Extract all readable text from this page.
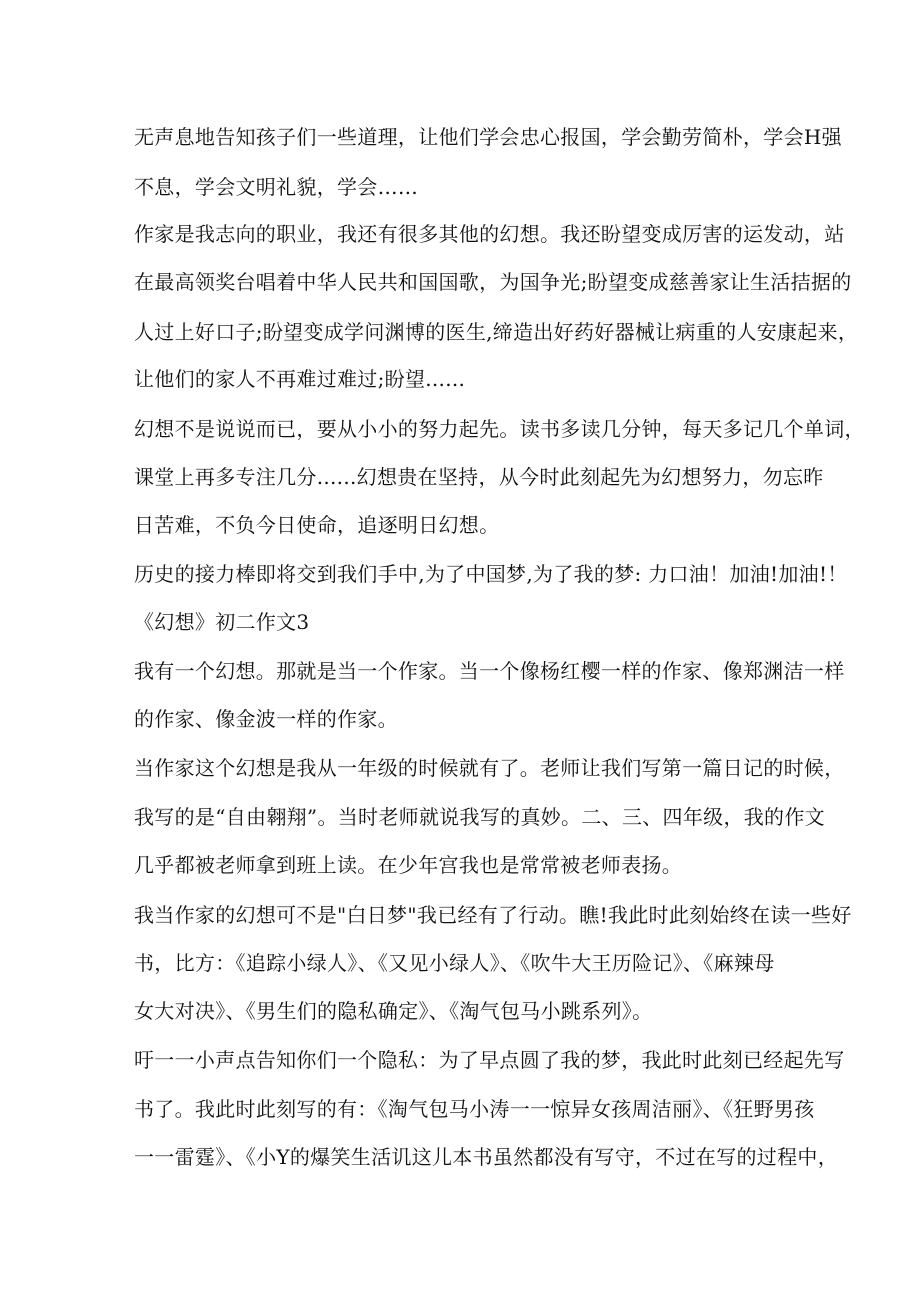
无声息地告知孩子们一些道理，让他们学会忠心报国，学会勤劳简朴，学会H强
不息，学会文明礼貌，学会……
作家是我志向的职业，我还有很多其他的幻想。我还盼望变成厉害的运发动，站
在最高领奖台唱着中华人民共和国国歌，为国争光;盼望变成慈善家让生活拮据的
人过上好口子;盼望变成学问渊博的医生,缔造出好药好器械让病重的人安康起来，
让他们的家人不再难过难过;盼望......
幻想不是说说而已，要从小小的努力起先。读书多读几分钟，每天多记几个单词，
课堂上再多专注几分......幻想贵在坚持，从今时此刻起先为幻想努力，勿忘昨
日苦难，不负今日使命，追逐明日幻想。
历史的接力棒即将交到我们手中,为了中国梦,为了我的梦: 力口油！加油!加油!！
《幻想》初二作文3
我有一个幻想。那就是当一个作家。当一个像杨红樱一样的作家、像郑渊洁一样
的作家、像金波一样的作家。
当作家这个幻想是我从一年级的时候就有了。老师让我们写第一篇日记的时候，
我写的是“自由翱翔”。当时老师就说我写的真妙。二、三、四年级，我的作文
几乎都被老师拿到班上读。在少年宫我也是常常被老师表扬。
我当作家的幻想可不是"白日梦"我已经有了行动。瞧!我此时此刻始终在读一些好
书，比方：《追踪小绿人》、《又见小绿人》、《吹牛大王历险记》、《麻辣母
女大对决》、《男生们的隐私确定》、《淘气包马小跳系列》。
吁一一小声点告知你们一个隐私：为了早点圆了我的梦，我此时此刻已经起先写
书了。我此时此刻写的有：《淘气包马小涛一一惊异女孩周洁丽》、《狂野男孩
一一雷霆》、《小Y的爆笑生活讥这儿本书虽然都没有写守，不过在写的过程中，
